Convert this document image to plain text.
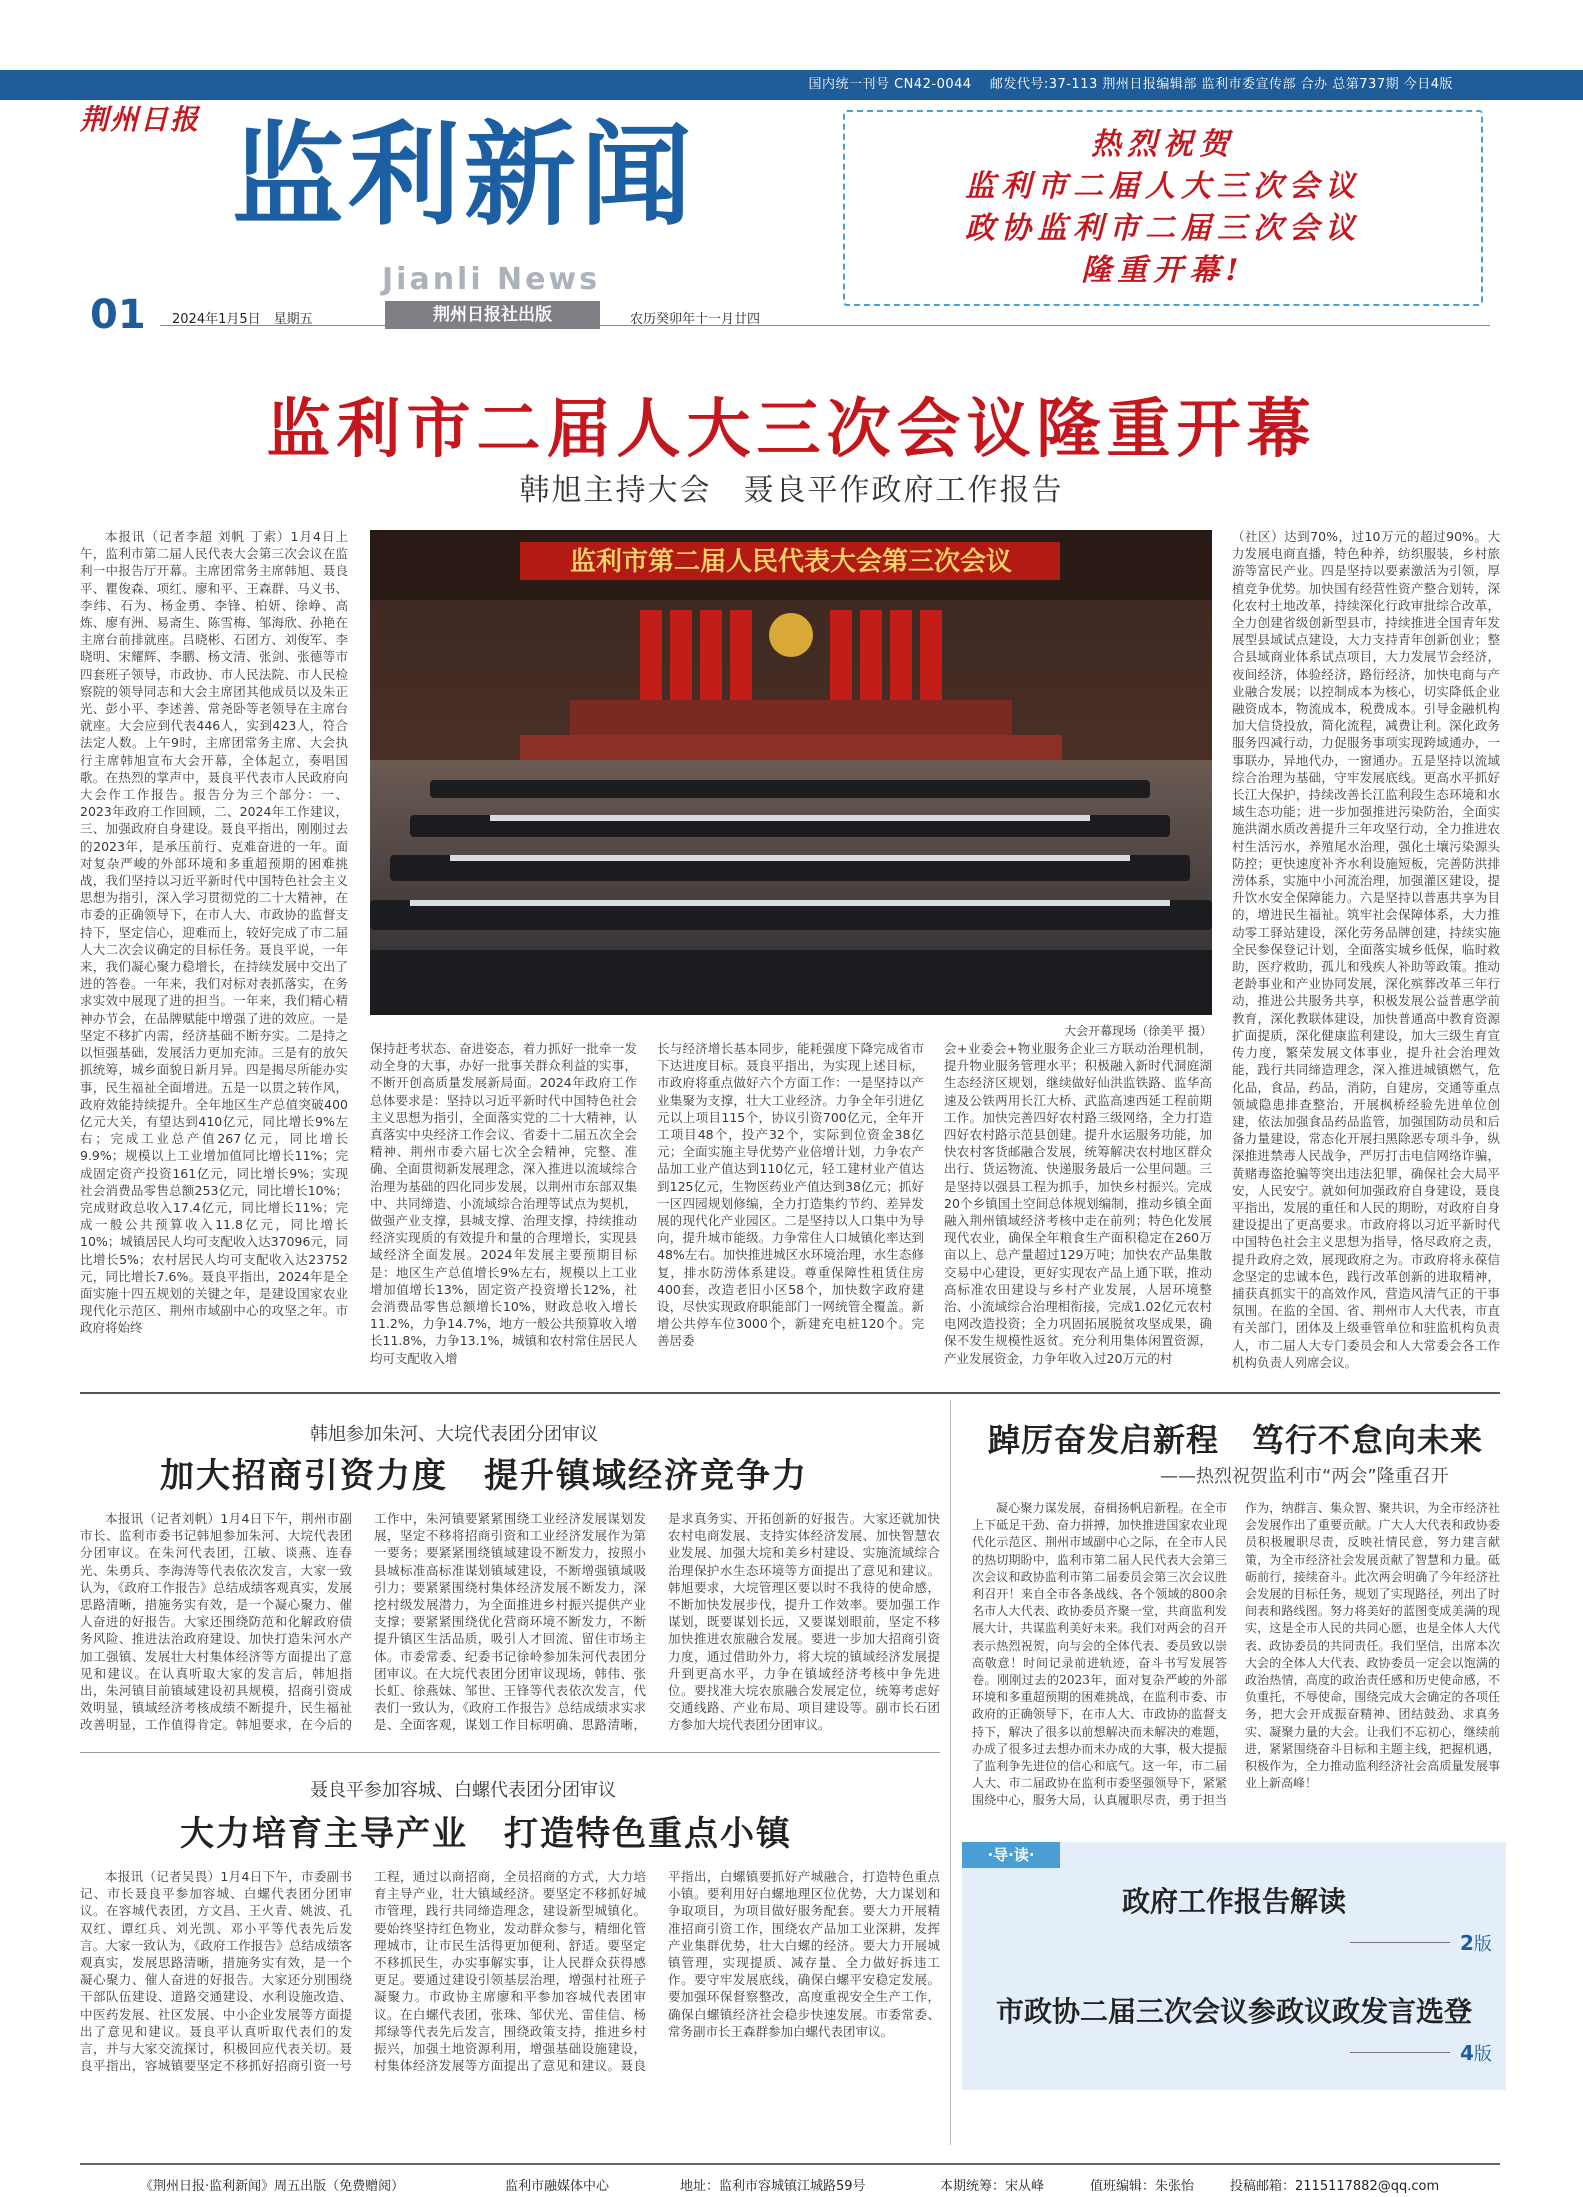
国内统一刊号 CN42-0044　 邮发代号:37-113 荆州日报编辑部 监利市委宣传部 合办 总第737期 今日4版
荆州日报 监利新闻
Jianli News
热烈祝贺
监利市二届人大三次会议
政协监利市二届三次会议
隆重开幕!
01 2024年1月5日　星期五	荆州日报社出版	农历癸卯年十一月廿四
监利市二届人大三次会议隆重开幕
韩旭主持大会　聂良平作政府工作报告

本报讯（记者李超 刘帆 丁索）1月4日上午，监利市第二届人民代表大会第三次会议在监利一中报告厅开幕。主席团常务主席韩旭、聂良平、瞿俊森、项红、廖和平、王森群、马义书、李纬、石为、杨金勇、李锋、柏妍、徐峥、高炼、廖有洲、易斋生、陈雪梅、邹海欣、孙艳在主席台前排就座。吕晓彬、石团方、刘俊军、李晓明、宋耀辉、李鹏、杨文清、张剑、张德等市四套班子领导，市政协、市人民法院、市人民检察院的领导同志和大会主席团其他成员以及朱正光、彭小平、李述善、常尧卧等老领导在主席台就座。大会应到代表446人，实到423人，符合法定人数。上午9时，主席团常务主席、大会执行主席韩旭宣布大会开幕，全体起立，奏唱国歌。在热烈的掌声中，聂良平代表市人民政府向大会作工作报告。报告分为三个部分：一、2023年政府工作回顾，二、2024年工作建议，三、加强政府自身建设。聂良平指出，刚刚过去的2023年，是承压前行、克难奋进的一年。面对复杂严峻的外部环境和多重超预期的困难挑战，我们坚持以习近平新时代中国特色社会主义思想为指引，深入学习贯彻党的二十大精神，在市委的正确领导下，在市人大、市政协的监督支持下，坚定信心，迎难而上，较好完成了市二届人大二次会议确定的目标任务。聂良平说，一年来，我们凝心聚力稳增长，在持续发展中交出了进的答卷。一年来，我们对标对表抓落实，在务求实效中展现了进的担当。一年来，我们精心精神办节会，在品牌赋能中增强了进的效应。一是坚定不移扩内需，经济基础不断夯实。二是持之以恒强基础，发展活力更加充沛。三是有的放矢抓统筹，城乡面貌日新月异。四是揭尽所能办实事，民生福祉全面增进。五是一以贯之转作风，政府效能持续提升。全年地区生产总值突破400亿元大关，有望达到410亿元，同比增长9%左右；完成工业总产值267亿元，同比增长9.9%；规模以上工业增加值同比增长11%；完成固定资产投资161亿元，同比增长9%；实现社会消费品零售总额253亿元，同比增长10%；完成财政总收入17.4亿元，同比增长11%；完成一般公共预算收入11.8亿元，同比增长10%；城镇居民人均可支配收入达37096元，同比增长5%；农村居民人均可支配收入达23752元，同比增长7.6%。聂良平指出，2024年是全面实施十四五规划的关键之年，是建设国家农业现代化示范区、荆州市域副中心的攻坚之年。市政府将始终

监利市第二届人民代表大会第三次会议
大会开幕现场（徐美平 摄）

保持赶考状态、奋进姿态，着力抓好一批牵一发动全身的大事，办好一批事关群众利益的实事，不断开创高质量发展新局面。2024年政府工作总体要求是：坚持以习近平新时代中国特色社会主义思想为指引，全面落实党的二十大精神，认真落实中央经济工作会议、省委十二届五次全会精神、荆州市委六届七次全会精神，完整、准确、全面贯彻新发展理念，深入推进以流域综合治理为基础的四化同步发展，以荆州市东部双集中、共同缔造、小流域综合治理等试点为契机，做强产业支撑，县城支撑、治理支撑，持续推动经济实现质的有效提升和量的合理增长，实现县域经济全面发展。2024年发展主要预期目标是：地区生产总值增长9%左右，规模以上工业增加值增长13%，固定资产投资增长12%，社会消费品零售总额增长10%，财政总收入增长11.2%，力争14.7%，地方一般公共预算收入增长11.8%，力争13.1%，城镇和农村常住居民人均可支配收入增

长与经济增长基本同步，能耗强度下降完成省市下达进度目标。聂良平指出，为实现上述目标，市政府将重点做好六个方面工作：一是坚持以产业集聚为支撑，壮大工业经济。力争全年引进亿元以上项目115个，协议引资700亿元，全年开工项目48个，投产32个，实际到位资金38亿元；全面实施主导优势产业倍增计划，力争农产品加工业产值达到110亿元，轻工建材业产值达到125亿元，生物医药业产值达到38亿元；抓好一区四园规划修编，全力打造集约节约、差异发展的现代化产业园区。二是坚持以人口集中为导向，提升城市能级。力争常住人口城镇化率达到48%左右。加快推进城区水环境治理，水生态修复，排水防涝体系建设。尊重保障性租赁住房400套，改造老旧小区58个，加快数字政府建设，尽快实现政府职能部门一网统管全覆盖。新增公共停车位3000个，新建充电桩120个。完善居委

会+业委会+物业服务企业三方联动治理机制，提升物业服务管理水平；积极融入新时代洞庭湖生态经济区规划，继续做好仙洪监铁路、监华高速及公铁两用长江大桥、武监高速西延工程前期工作。加快完善四好农村路三级网络，全力打造四好农村路示范县创建。提升水运服务功能，加快农村客货邮融合发展，统筹解决农村地区群众出行、货运物流、快递服务最后一公里问题。三是坚持以强县工程为抓手，加快乡村振兴。完成20个乡镇国土空间总体规划编制，推动乡镇全面融入荆州镇域经济考核中走在前列；特色化发展现代农业，确保全年粮食生产面积稳定在260万亩以上、总产量超过129万吨；加快农产品集散交易中心建设，更好实现农产品上通下联，推动高标准农田建设与乡村产业发展，人居环境整治、小流域综合治理相衔接，完成1.02亿元农村电网改造投资；全力巩固拓展脱贫攻坚成果，确保不发生规模性返贫。充分利用集体闲置资源，产业发展资金，力争年收入过20万元的村

（社区）达到70%，过10万元的超过90%。大力发展电商直播，特色种养，纺织服装，乡村旅游等富民产业。四是坚持以要素激活为引领，厚植竞争优势。加快国有经营性资产整合划转，深化农村土地改革，持续深化行政审批综合改革，全力创建省级创新型县市，持续推进全国青年发展型县域试点建设，大力支持青年创新创业；整合县域商业体系试点项目，大力发展节会经济，夜间经济，体验经济，路衍经济，加快电商与产业融合发展；以控制成本为核心，切实降低企业融资成本，物流成本，税费成本。引导金融机构加大信贷投放，简化流程，减费让利。深化政务服务四减行动，力促服务事项实现跨域通办，一事联办，异地代办，一窗通办。五是坚持以流域综合治理为基础，守牢发展底线。更高水平抓好长江大保护，持续改善长江监利段生态环境和水域生态功能；进一步加强推进污染防治，全面实施洪湖水质改善提升三年攻坚行动，全力推进农村生活污水，养殖尾水治理，强化土壤污染源头防控；更快速度补齐水利设施短板，完善防洪排涝体系，实施中小河流治理，加强灌区建设，提升饮水安全保障能力。六是坚持以普惠共享为目的，增进民生福祉。筑牢社会保障体系，大力推动零工驿站建设，深化劳务品牌创建，持续实施全民参保登记计划，全面落实城乡低保，临时救助，医疗救助，孤儿和残疾人补助等政策。推动老龄事业和产业协同发展，深化殡葬改革三年行动，推进公共服务共享，积极发展公益普惠学前教育，深化教联体建设，加快普通高中教育资源扩面提质，深化健康监利建设，加大三级生育宣传力度，繁荣发展文体事业，提升社会治理效能，践行共同缔造理念，深入推进城镇燃气，危化品，食品，药品，消防，自建房，交通等重点领域隐患排查整治，开展枫桥经验先进单位创建，依法加强食品药品监管，加强国防动员和后备力量建设，常态化开展扫黑除恶专项斗争，纵深推进禁毒人民战争，严厉打击电信网络诈骗，黄赌毒盗抢骗等突出违法犯罪，确保社会大局平安，人民安宁。就如何加强政府自身建设，聂良平指出，发展的重任和人民的期盼，对政府自身建设提出了更高要求。市政府将以习近平新时代中国特色社会主义思想为指导，恪尽政府之责，提升政府之效，展现政府之为。市政府将永葆信念坚定的忠诚本色，践行改革创新的进取精神，捕获真抓实干的高效作风，营造风清气正的干事氛围。在监的全国、省、荆州市人大代表，市直有关部门，团体及上级垂管单位和驻监机构负责人，市二届人大专门委员会和人大常委会各工作机构负责人列席会议。

韩旭参加朱河、大垸代表团分团审议
加大招商引资力度　提升镇域经济竞争力

本报讯（记者刘帆）1月4日下午，荆州市副市长、监利市委书记韩旭参加朱河、大垸代表团分团审议。在朱河代表团，江敏、谈燕、连春光、朱勇兵、李海涛等代表依次发言，大家一致认为，《政府工作报告》总结成绩客观真实，发展思路清晰，措施务实有效，是一个凝心聚力、催人奋进的好报告。大家还围绕防范和化解政府债务风险、推进法治政府建设、加快打造朱河水产加工强镇、发展壮大村集体经济等方面提出了意见和建议。在认真听取大家的发言后，韩旭指出，朱河镇目前镇域建设初具规模，招商引资成效明显，镇域经济考核成绩不断提升，民生福祉改善明显，工作值得肯定。韩旭要求，在今后的工作中，朱河镇要紧紧围绕工业经济发展谋划发展，坚定不移将招商引资和工业经济发展作为第一要务；要紧紧围绕镇域建设不断发力，按照小县城标准高标准谋划镇域建设，不断增强镇域吸引力；要紧紧围绕村集体经济发展不断发力，深挖村级发展潜力，为全面推进乡村振兴提供产业支撑；要紧紧围绕优化营商环境不断发力，不断提升镇区生活品质，吸引人才回流、留住市场主体。市委常委、纪委书记徐岭参加朱河代表团分团审议。在大垸代表团分团审议现场，韩伟、张长虹、徐燕妹、邹世、王锋等代表依次发言，代表们一致认为，《政府工作报告》总结成绩求实求是、全面客观，谋划工作目标明确、思路清晰，是求真务实、开拓创新的好报告。大家还就加快农村电商发展、支持实体经济发展、加快智慧农业发展、加强大垸和美乡村建设、实施流域综合治理保护水生态环境等方面提出了意见和建议。韩旭要求，大垸管理区要以时不我待的使命感，不断加快发展步伐，提升工作效率。要加强工作谋划，既要谋划长远，又要谋划眼前，坚定不移加快推进农旅融合发展。要进一步加大招商引资力度，通过借助外力，将大垸的镇域经济发展提升到更高水平，力争在镇域经济考核中争先进位。要找准大垸农旅融合发展定位，统筹考虑好交通线路、产业布局、项目建设等。副市长石团方参加大垸代表团分团审议。

聂良平参加容城、白螺代表团分团审议
大力培育主导产业　打造特色重点小镇

本报讯（记者吴畏）1月4日下午，市委副书记、市长聂良平参加容城、白螺代表团分团审议。在容城代表团，方文昌、王火青、姚波、孔双红、谭红兵、刘光凯、邓小平等代表先后发言。大家一致认为，《政府工作报告》总结成绩客观真实，发展思路清晰，措施务实有效，是一个凝心聚力、催人奋进的好报告。大家还分别围绕干部队伍建设、道路交通建设、水利设施改造、中医药发展、社区发展、中小企业发展等方面提出了意见和建议。聂良平认真听取代表们的发言，并与大家交流探讨，积极回应代表关切。聂良平指出，容城镇要坚定不移抓好招商引资一号工程，通过以商招商，全员招商的方式，大力培育主导产业，壮大镇域经济。要坚定不移抓好城市管理，践行共同缔造理念，建设新型城镇化。要始终坚持红色物业，发动群众参与，精细化管理城市，让市民生活得更加便利、舒适。要坚定不移抓民生，办实事解实事，让人民群众获得感更足。要通过建设引领基层治理，增强村社班子凝聚力。市政协主席廖和平参加容城代表团审议。在白螺代表团，张珠、邹伏光、雷佳信、杨邦绿等代表先后发言，围绕政策支持，推进乡村振兴，加强土地资源利用，增强基础设施建设，村集体经济发展等方面提出了意见和建议。聂良平指出，白螺镇要抓好产城融合，打造特色重点小镇。要利用好白螺地理区位优势，大力谋划和争取项目，为项目做好服务配套。要大力开展精准招商引资工作，围绕农产品加工业深耕，发挥产业集群优势，壮大白螺的经济。要大力开展城镇管理，实现提质、减存量、全力做好拆违工作。要守牢发展底线，确保白螺平安稳定发展。要加强环保督察整改，高度重视安全生产工作，确保白螺镇经济社会稳步快速发展。市委常委、常务副市长王森群参加白螺代表团审议。

踔厉奋发启新程　笃行不怠向未来
——热烈祝贺监利市“两会”隆重召开

凝心聚力谋发展，奋楫扬帆启新程。在全市上下砥足干劲、奋力拼搏，加快推进国家农业现代化示范区、荆州市域副中心之际，在全市人民的热切期盼中，监利市第二届人民代表大会第三次会议和政协监利市第二届委员会第三次会议胜利召开！来自全市各条战线、各个领域的800余名市人大代表、政协委员齐聚一堂，共商监利发展大计，共谋监利美好未来。我们对两会的召开表示热烈祝贺，向与会的全体代表、委员致以崇高敬意！时间记录前进轨迹，奋斗书写发展答卷。刚刚过去的2023年，面对复杂严峻的外部环境和多重超预期的困难挑战，在监利市委、市政府的正确领导下，在市人大、市政协的监督支持下，解决了很多以前想解决而未解决的难题，办成了很多过去想办而未办成的大事，极大提振了监利争先进位的信心和底气。这一年，市二届人大、市二届政协在监利市委坚强领导下，紧紧围绕中心，服务大局，认真履职尽责，勇于担当作为，纳群言、集众智、聚共识，为全市经济社会发展作出了重要贡献。广大人大代表和政协委员积极履职尽责，反映社情民意，努力建言献策，为全市经济社会发展贡献了智慧和力量。砥砺前行，接续奋斗。此次两会明确了今年经济社会发展的目标任务，规划了实现路径，列出了时间表和路线图。努力将美好的蓝图变成美满的现实，这是全市人民的共同心愿，也是全体人大代表、政协委员的共同责任。我们坚信，出席本次大会的全体人大代表、政协委员一定会以饱满的政治热情，高度的政治责任感和历史使命感，不负重托，不辱使命，围绕完成大会确定的各项任务，把大会开成振奋精神、团结鼓劲、求真务实、凝聚力量的大会。让我们不忘初心，继续前进，紧紧围绕奋斗目标和主题主线，把握机遇，积极作为，全力推动监利经济社会高质量发展事业上新高峰！

·导·读·
政府工作报告解读
2版
市政协二届三次会议参政议政发言选登
4版
《荆州日报·监利新闻》周五出版（免费赠阅）	监利市融媒体中心	地址：监利市容城镇江城路59号	本期统筹：宋从峰	值班编辑：朱张怡	投稿邮箱：2115117882@qq.com
